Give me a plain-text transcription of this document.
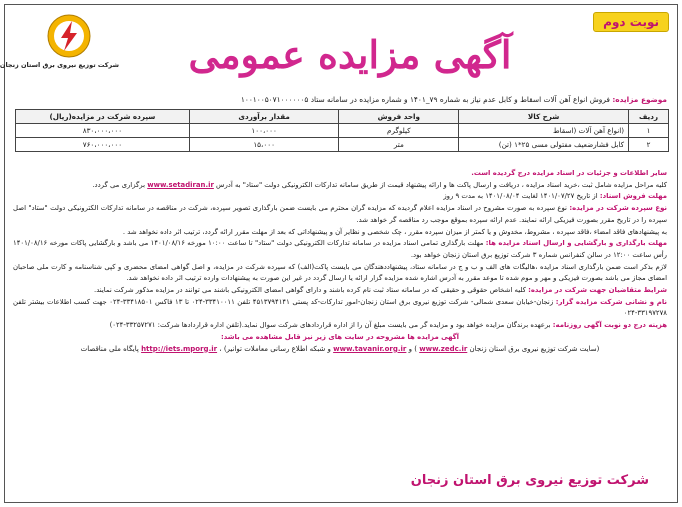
شرکت توزیع نیروی برق استان زنجان آگهی مزایده عمومی
نوبت دوم
موضوع مزایده: فروش انواع آهن آلات اسقاط و کابل عدم نیاز به شماره ۷۹_۱۴۰۱ و شماره مزایده در سامانه ستاد ۱۰۰۱۰۰۵۰۷۱۰۰۰۰۰۰۵
ردیف	شرح کالا	واحد فروش	مقدار برآوردی	سپرده شرکت در مزایده(ریال)
۱	(انواع آهن آلات (اسقاط	کیلوگرم	۱۰۰،۰۰۰	۸۳۰،۰۰۰،۰۰۰
۲	کابل فشارضعیف مفتولی مسی ۲۵*۱ (تن)	متر	۱۵،۰۰۰	۷۶۰،۰۰۰،۰۰۰

سایر اطلاعات و جزئیات در اسناد مزایده درج گردیده است.

کلیه مراحل مزایده شامل ثبت ،خرید اسناد مزایده ، دریافت و ارسال پاکت ها و ارائه پیشنهاد قیمت از طریق سامانه تدارکات الکترونیکی دولت "ستاد" به آدرس www.setadiran.ir برگزاری می گردد.

مهلت فروش اسناد: از تاریخ ۱۴۰۱/۰۷/۲۷ لغایت ۱۴۰۱/۰۸/۰۴ به مدت ۹ روز

نوع سپرده شرکت در مزایده: نوع سپرده به صورت مشروح در اسناد مزایده اعلام گردیده که مزایده گران محترم می بایست ضمن بارگذاری تصویر سپرده، شرکت در مناقصه در سامانه تدارکات الکترونیکی دولت "ستاد" اصل سپرده را در تاریخ مقرر بصورت فیزیکی ارائه نمایند. عدم ارائه سپرده بموقع موجب رد مناقصه گر خواهد شد.

به پیشنهادهای فاقد امضاء ،فاقد سپرده ، مشروط، مخدوش و یا کمتر از میزان سپرده مقرر ، چک شخصی و نظایر آن و پیشنهاداتی که بعد از مهلت مقرر ارائه گردد، ترتیب اثر داده نخواهد شد .

مهلت بارگذاری و بارگشایی و ارسال اسناد مزایده ها: مهلت بارگذاری تمامی اسناد مزایده در سامانه تدارکات الکترونیکی دولت "ستاد" تا ساعت ۱۰:۰۰ مورخه ۱۴۰۱/۰۸/۱۶ می باشد و بارگشایی پاکات مورخه ۱۴۰۱/۰۸/۱۶ رأس ساعت ۱۲:۰۰ در سالن کنفرانس شماره ۳ شرکت توزیع برق استان زنجان خواهد بود.

لازم بذکر است ضمن بارگذاری اسناد مزایده ،هالیگات های الف و ب و ج در سامانه ستاد، پیشنهاددهندگان می بایست پاکت(الف) که سپرده شرکت در مزایده، و اصل گواهی امضای محضری و کپی شناسنامه و کارت ملی صاحبان امضای مجاز می باشد بصورت فیزیکی و مهر و موم شده تا موعد مقرر به آدرس اشاره شده مزایده گزار ارائه یا ارسال گردد در غیر این صورت به پیشنهادات وارده ترتیب اثر داده نخواهد شد.

شرایط متقاضیان جهت شرکت در مزایده: کلیه اشخاص حقوقی و حقیقی که در سامانه ستاد ثبت نام کرده باشند و دارای گواهی امضای الکترونیکی باشند می توانند در مزایده مذکور شرکت نمایند.

نام و نشانی شرکت مزایده گزار: زنجان-خیابان سعدی شمالی- شرکت توزیع نیروی برق استان زنجان-امور تدارکات-کد پستی ۴۵۱۳۷۹۴۱۴۱ تلفن ۳۳۴۱۰۰۱۱-۰۲۴ تا ۱۳ فاکس ۳۳۴۱۸۵۰۱-۰۲۴ جهت کسب اطلاعات بیشتر تلفن ۳۳۱۹۷۲۷۸-۰۲۴

هزینه درج دو نوبت آگهی روزنامه: برعهده برندگان مزایده خواهد بود و مزایده گر می بایست مبلغ آن را از اداره قراردادهای شرکت سوال نماید.(تلفن اداره قراردادها شرکت: ۳۳۲۵۷۲۷۱-۰۲۴)

آگهی مزایده ها مشروحه در سایت های زیر نیز قابل مشاهده می باشد:

(سایت شرکت توزیع نیروی برق استان زنجان www.zedc.ir ) و www.tavanir.org.ir و شبکه اطلاع رسانی معاملات توانیر) ، http://iets.mporg.ir پایگاه ملی مناقصات

شرکت توزیع نیروی برق استان زنجان
